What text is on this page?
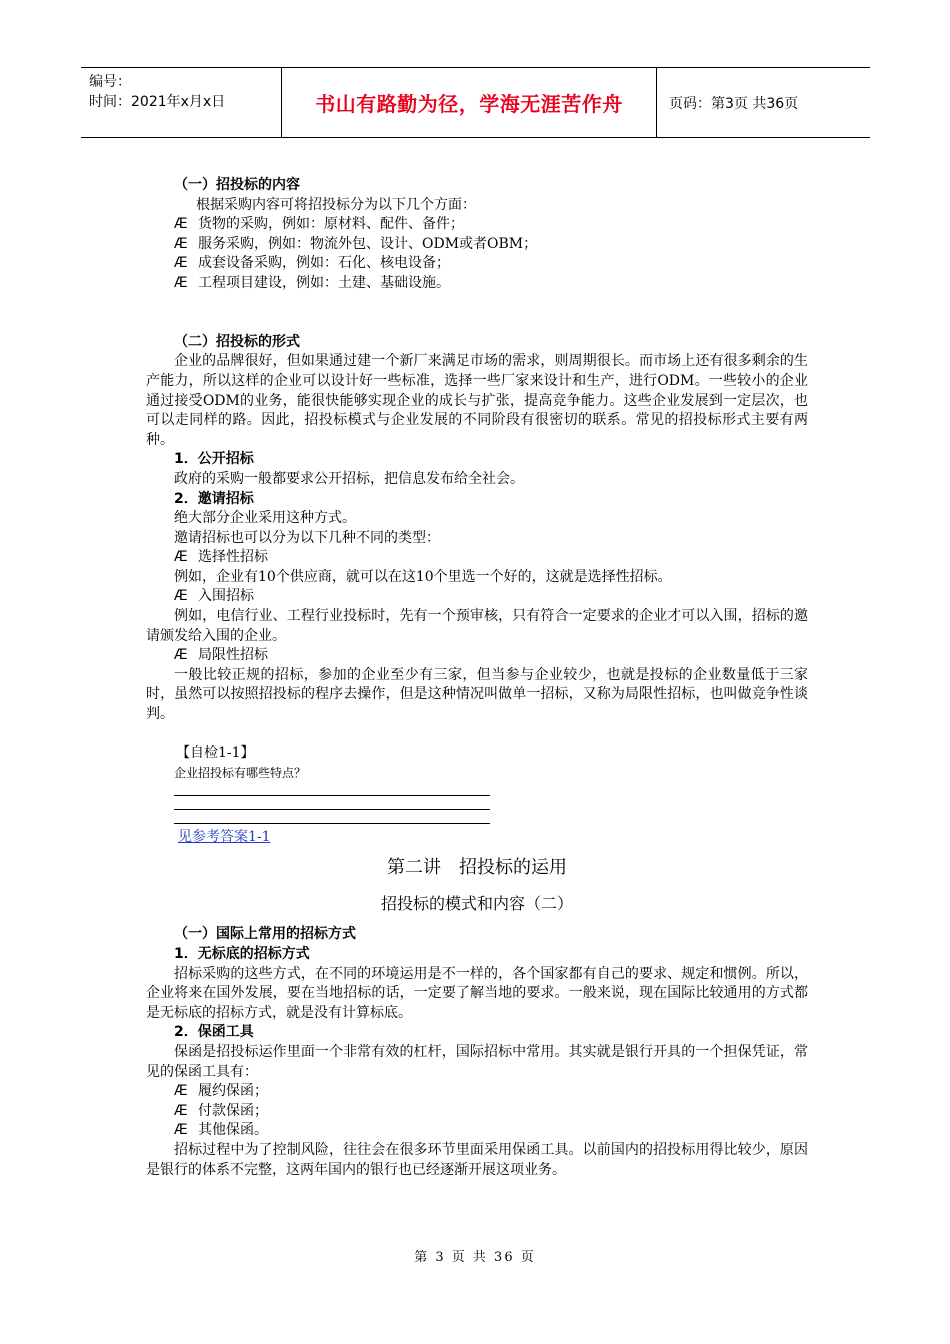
编号：
时间：2021年x月x日	书山有路勤为径，学海无涯苦作舟	页码：第3页 共36页
（一）招投标的内容
根据采购内容可将招投标分为以下几个方面：
Æ 货物的采购，例如：原材料、配件、备件；
Æ 服务采购，例如：物流外包、设计、ODM或者OBM；
Æ 成套设备采购，例如：石化、核电设备；
Æ 工程项目建设，例如：土建、基础设施。
（二）招投标的形式
企业的品牌很好，但如果通过建一个新厂来满足市场的需求，则周期很长。而市场上还有很多剩余的生产能力，所以这样的企业可以设计好一些标准，选择一些厂家来设计和生产，进行ODM。一些较小的企业通过接受ODM的业务，能很快能够实现企业的成长与扩张，提高竞争能力。这些企业发展到一定层次，也可以走同样的路。因此，招投标模式与企业发展的不同阶段有很密切的联系。常见的招投标形式主要有两种。
1．公开招标
政府的采购一般都要求公开招标，把信息发布给全社会。
2．邀请招标
绝大部分企业采用这种方式。
邀请招标也可以分为以下几种不同的类型：
Æ 选择性招标
例如，企业有10个供应商，就可以在这10个里选一个好的，这就是选择性招标。
Æ 入围招标
例如，电信行业、工程行业投标时，先有一个预审核，只有符合一定要求的企业才可以入围，招标的邀请颁发给入围的企业。
Æ 局限性招标
一般比较正规的招标，参加的企业至少有三家，但当参与企业较少，也就是投标的企业数量低于三家时，虽然可以按照招投标的程序去操作，但是这种情况叫做单一招标，又称为局限性招标，也叫做竞争性谈判。
【自检1-1】
企业招投标有哪些特点？
见参考答案1-1
第二讲　招投标的运用
招投标的模式和内容（二）
（一）国际上常用的招标方式
1．无标底的招标方式
招标采购的这些方式，在不同的环境运用是不一样的，各个国家都有自己的要求、规定和惯例。所以，企业将来在国外发展，要在当地招标的话，一定要了解当地的要求。一般来说，现在国际比较通用的方式都是无标底的招标方式，就是没有计算标底。
2．保函工具
保函是招投标运作里面一个非常有效的杠杆，国际招标中常用。其实就是银行开具的一个担保凭证，常见的保函工具有：
Æ 履约保函；
Æ 付款保函；
Æ 其他保函。
招标过程中为了控制风险，往往会在很多环节里面采用保函工具。以前国内的招投标用得比较少，原因是银行的体系不完整，这两年国内的银行也已经逐渐开展这项业务。
第 3 页 共 36 页
